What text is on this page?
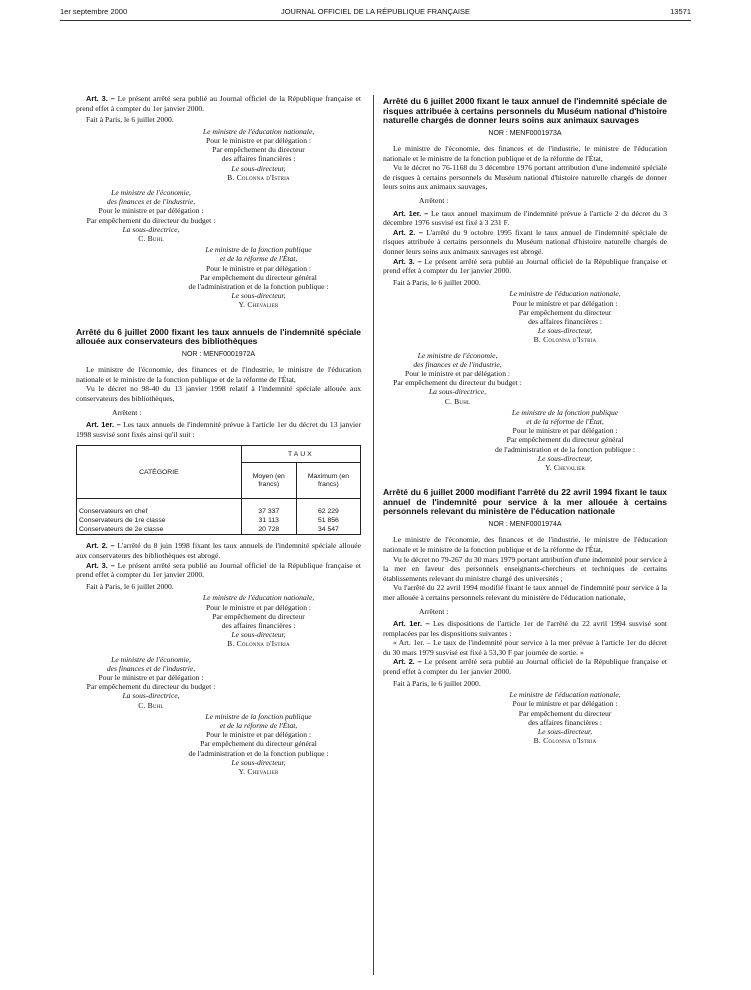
1er septembre 2000	JOURNAL OFFICIEL DE LA RÉPUBLIQUE FRANÇAISE	13571

Art. 3. – Le présent arrêté sera publié au Journal officiel de la République française et prend effet à compter du 1er janvier 2000.

Fait à Paris, le 6 juillet 2000.

Le ministre de l'éducation nationale,
Pour le ministre et par délégation :
Par empêchement du directeur
des affaires financières :
Le sous-directeur,
B. Colonna d'Istria
Le ministre de l'économie,
des finances et de l'industrie,
Pour le ministre et par délégation :
Par empêchement du directeur du budget :
La sous-directrice,
C. Buhl
Le ministre de la fonction publique
et de la réforme de l'État,
Pour le ministre et par délégation :
Par empêchement du directeur général
de l'administration et de la fonction publique :
Le sous-directeur,
Y. Chevalier
Arrêté du 6 juillet 2000 fixant les taux annuels de l'indemnité spéciale allouée aux conservateurs des bibliothèques
NOR : MENF0001972A

Le ministre de l'économie, des finances et de l'industrie, le ministre de l'éducation nationale et le ministre de la fonction publique et de la réforme de l'État,

Vu le décret no 98-40 du 13 janvier 1998 relatif à l'indemnité spéciale allouée aux conservateurs des bibliothèques,

Arrêtent :

Art. 1er. – Les taux annuels de l'indemnité prévue à l'article 1er du décret du 13 janvier 1998 susvisé sont fixés ainsi qu'il suit :

CATÉGORIE	TAUX	
	Moyen (en francs)	Maximum (en francs)

Conservateurs en chef	37 337	62 229
Conservateurs de 1re classe	31 113	51 856
Conservateurs de 2e classe	20 728	34 547

Art. 2. – L'arrêté du 8 juin 1998 fixant les taux annuels de l'indemnité spéciale allouée aux conservateurs des bibliothèques est abrogé.

Art. 3. – Le présent arrêté sera publié au Journal officiel de la République française et prend effet à compter du 1er janvier 2000.

Fait à Paris, le 6 juillet 2000.

Le ministre de l'éducation nationale,
Pour le ministre et par délégation :
Par empêchement du directeur
des affaires financières :
Le sous-directeur,
B. Colonna d'Istria
Le ministre de l'économie,
des finances et de l'industrie,
Pour le ministre et par délégation :
Par empêchement du directeur du budget :
La sous-directrice,
C. Buhl
Le ministre de la fonction publique
et de la réforme de l'État,
Pour le ministre et par délégation :
Par empêchement du directeur général
de l'administration et de la fonction publique :
Le sous-directeur,
Y. Chevalier
Arrêté du 6 juillet 2000 fixant le taux annuel de l'indemnité spéciale de risques attribuée à certains personnels du Muséum national d'histoire naturelle chargés de donner leurs soins aux animaux sauvages
NOR : MENF0001973A

Le ministre de l'économie, des finances et de l'industrie, le ministre de l'éducation nationale et le ministre de la fonction publique et de la réforme de l'État,

Vu le décret no 76-1168 du 3 décembre 1976 portant attribution d'une indemnité spéciale de risques à certains personnels du Muséum national d'histoire naturelle chargés de donner leurs soins aux animaux sauvages,

Arrêtent :

Art. 1er. – Le taux annuel maximum de l'indemnité prévue à l'article 2 du décret du 3 décembre 1976 susvisé est fixé à 3 231 F.

Art. 2. – L'arrêté du 9 octobre 1995 fixant le taux annuel de l'indemnité spéciale de risques attribuée à certains personnels du Muséum national d'histoire naturelle chargés de donner leurs soins aux animaux sauvages est abrogé.

Art. 3. – Le présent arrêté sera publié au Journal officiel de la République française et prend effet à compter du 1er janvier 2000.

Fait à Paris, le 6 juillet 2000.

Le ministre de l'éducation nationale,
Pour le ministre et par délégation :
Par empêchement du directeur
des affaires financières :
Le sous-directeur,
B. Colonna d'Istria
Le ministre de l'économie,
des finances et de l'industrie,
Pour le ministre et par délégation :
Par empêchement du directeur du budget :
La sous-directrice,
C. Buhl
Le ministre de la fonction publique
et de la réforme de l'État,
Pour le ministre et par délégation :
Par empêchement du directeur général
de l'administration et de la fonction publique :
Le sous-directeur,
Y. Chevalier
Arrêté du 6 juillet 2000 modifiant l'arrêté du 22 avril 1994 fixant le taux annuel de l'indemnité pour service à la mer allouée à certains personnels relevant du ministère de l'éducation nationale
NOR : MENF0001974A

Le ministre de l'économie, des finances et de l'industrie, le ministre de l'éducation nationale et le ministre de la fonction publique et de la réforme de l'État,

Vu le décret no 79-267 du 30 mars 1979 portant attribution d'une indemnité pour service à la mer en faveur des personnels enseignants-chercheurs et techniques de certains établissements relevant du ministre chargé des universités ;

Vu l'arrêté du 22 avril 1994 modifié fixant le taux annuel de l'indemnité pour service à la mer allouée à certains personnels relevant du ministère de l'éducation nationale,

Arrêtent :

Art. 1er. – Les dispositions de l'article 1er de l'arrêté du 22 avril 1994 susvisé sont remplacées par les dispositions suivantes :

« Art. 1er. – Le taux de l'indemnité pour service à la mer prévue à l'article 1er du décret du 30 mars 1979 susvisé est fixé à 53,30 F par journée de sortie. »

Art. 2. – Le présent arrêté sera publié au Journal officiel de la République française et prend effet à compter du 1er janvier 2000.

Fait à Paris, le 6 juillet 2000.

Le ministre de l'éducation nationale,
Pour le ministre et par délégation :
Par empêchement du directeur
des affaires financières :
Le sous-directeur,
B. Colonna d'Istria
